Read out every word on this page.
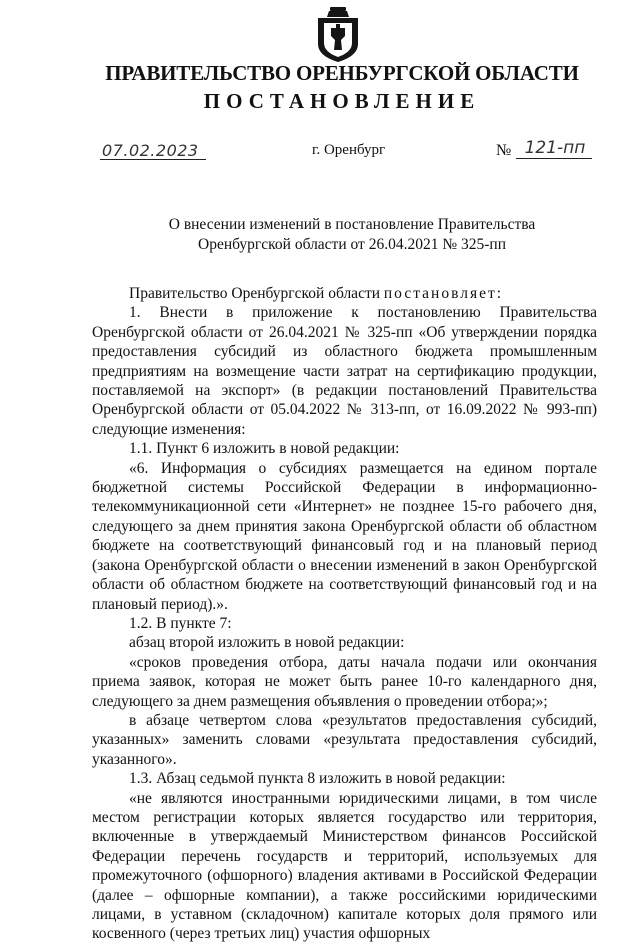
ПРАВИТЕЛЬСТВО ОРЕНБУРГСКОЙ ОБЛАСТИ
ПОСТАНОВЛЕНИЕ
07.02.2023	г. Оренбург	№ 121-пп
О внесении изменений в постановление Правительства
Оренбургской области от 26.04.2021 № 325-пп

Правительство Оренбургской области постановляет:

1. Внести в приложение к постановлению Правительства Оренбургской области от 26.04.2021 № 325-пп «Об утверждении порядка предоставления субсидий из областного бюджета промышленным предприятиям на возмещение части затрат на сертификацию продукции, поставляемой на экспорт» (в редакции постановлений Правительства Оренбургской области от 05.04.2022 № 313-пп, от 16.09.2022 № 993-пп) следующие изменения:

1.1. Пункт 6 изложить в новой редакции:

«6. Информация о субсидиях размещается на едином портале бюджетной системы Российской Федерации в информационно-телекоммуникационной сети «Интернет» не позднее 15-го рабочего дня, следующего за днем принятия закона Оренбургской области об областном бюджете на соответствующий финансовый год и на плановый период (закона Оренбургской области о внесении изменений в закон Оренбургской области об областном бюджете на соответствующий финансовый год и на плановый период).».

1.2. В пункте 7:

абзац второй изложить в новой редакции:

«сроков проведения отбора, даты начала подачи или окончания приема заявок, которая не может быть ранее 10-го календарного дня, следующего за днем размещения объявления о проведении отбора;»;

в абзаце четвертом слова «результатов предоставления субсидий, указанных» заменить словами «результата предоставления субсидий, указанного».

1.3. Абзац седьмой пункта 8 изложить в новой редакции:

«не являются иностранными юридическими лицами, в том числе местом регистрации которых является государство или территория, включенные в утверждаемый Министерством финансов Российской Федерации перечень государств и территорий, используемых для промежуточного (офшорного) владения активами в Российской Федерации (далее – офшорные компании), а также российскими юридическими лицами, в уставном (складочном) капитале которых доля прямого или косвенного (через третьих лиц) участия офшорных
